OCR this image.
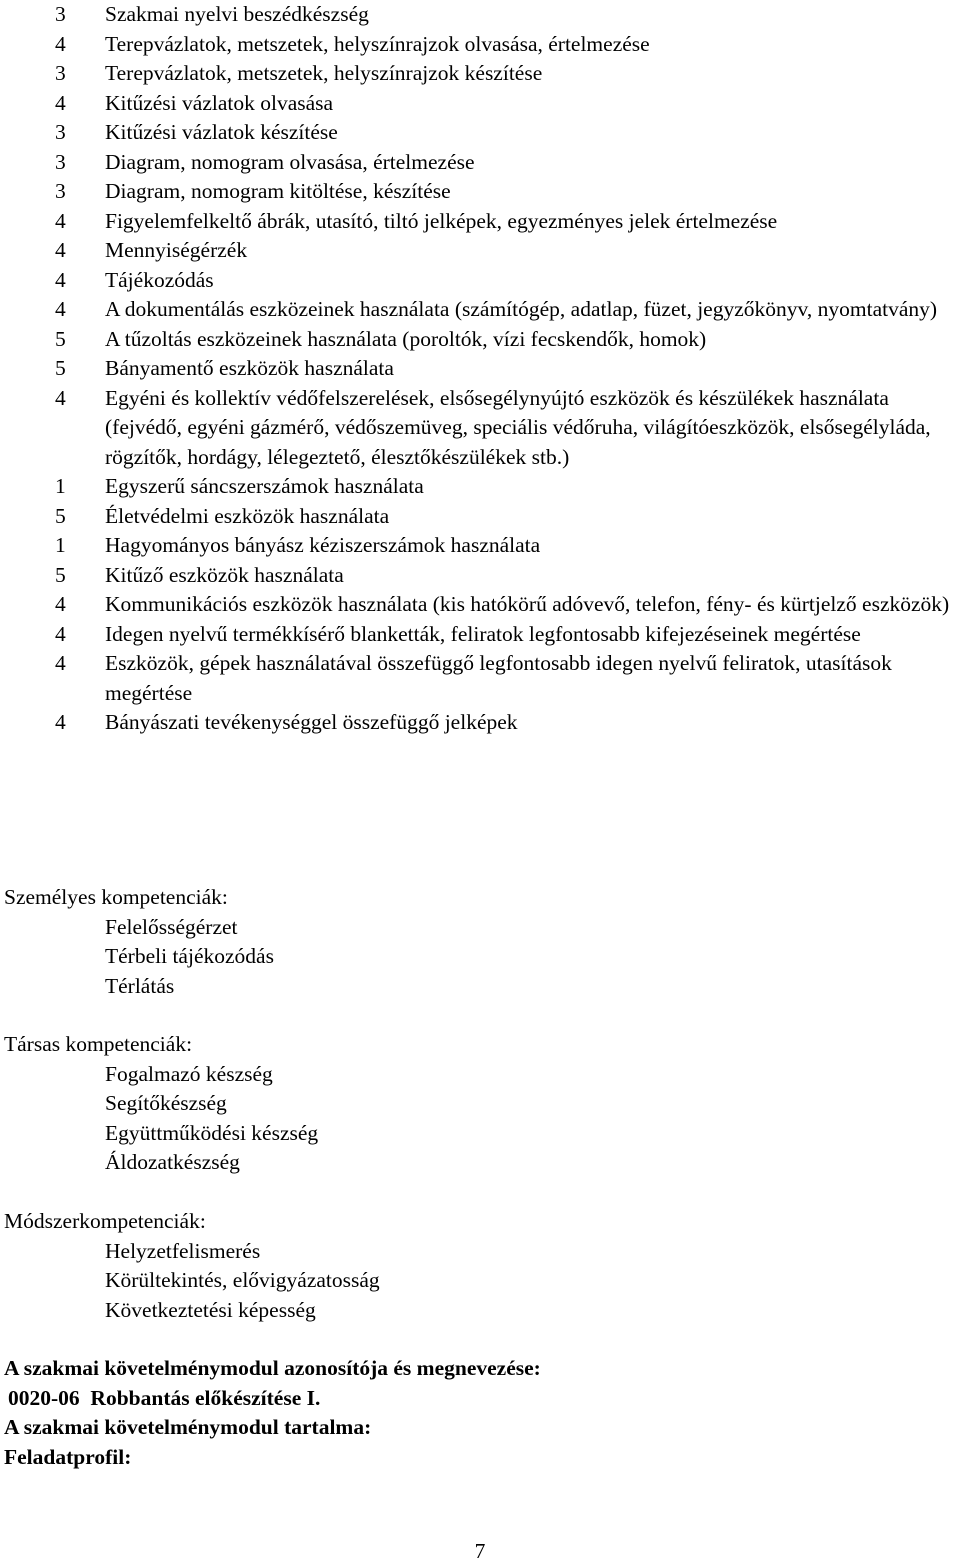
3	Szakmai nyelvi beszédkészség
4	Terepvázlatok, metszetek, helyszínrajzok olvasása, értelmezése
3	Terepvázlatok, metszetek, helyszínrajzok készítése
4	Kitűzési vázlatok olvasása
3	Kitűzési vázlatok készítése
3	Diagram, nomogram olvasása, értelmezése
3	Diagram, nomogram kitöltése, készítése
4	Figyelemfelkeltő ábrák, utasító, tiltó jelképek, egyezményes jelek értelmezése
4	Mennyiségérzék
4	Tájékozódás
4	A dokumentálás eszközeinek használata (számítógép, adatlap, füzet, jegyzőkönyv, nyomtatvány)
5	A tűzoltás eszközeinek használata (poroltók, vízi fecskendők, homok)
5	Bányamentő eszközök használata
4	Egyéni és kollektív védőfelszerelések, elsősegélynyújtó eszközök és készülékek használata (fejvédő, egyéni gázmérő, védőszemüveg, speciális védőruha, világítóeszközök, elsősegélyláda, rögzítők, hordágy, lélegeztető, élesztőkészülékek stb.)
1	Egyszerű sáncszerszámok használata
5	Életvédelmi eszközök használata
1	Hagyományos bányász kéziszerszámok használata
5	Kitűző eszközök használata
4	Kommunikációs eszközök használata (kis hatókörű adóvevő, telefon, fény- és kürtjelző eszközök)
4	Idegen nyelvű termékkísérő blanketták, feliratok legfontosabb kifejezéseinek megértése
4	Eszközök, gépek használatával összefüggő legfontosabb idegen nyelvű feliratok, utasítások megértése
4	Bányászati tevékenységgel összefüggő jelképek
Személyes kompetenciák:
Felelősségérzet
Térbeli tájékozódás
Térlátás
Társas kompetenciák:
Fogalmazó készség
Segítőkészség
Együttműködési készség
Áldozatkészség
Módszerkompetenciák:
Helyzetfelismerés
Körültekintés, elővigyázatosság
Következtetési képesség
A szakmai követelménymodul azonosítója és megnevezése:
0020-06 Robbantás előkészítése I.
A szakmai követelménymodul tartalma:
Feladatprofil:
7
